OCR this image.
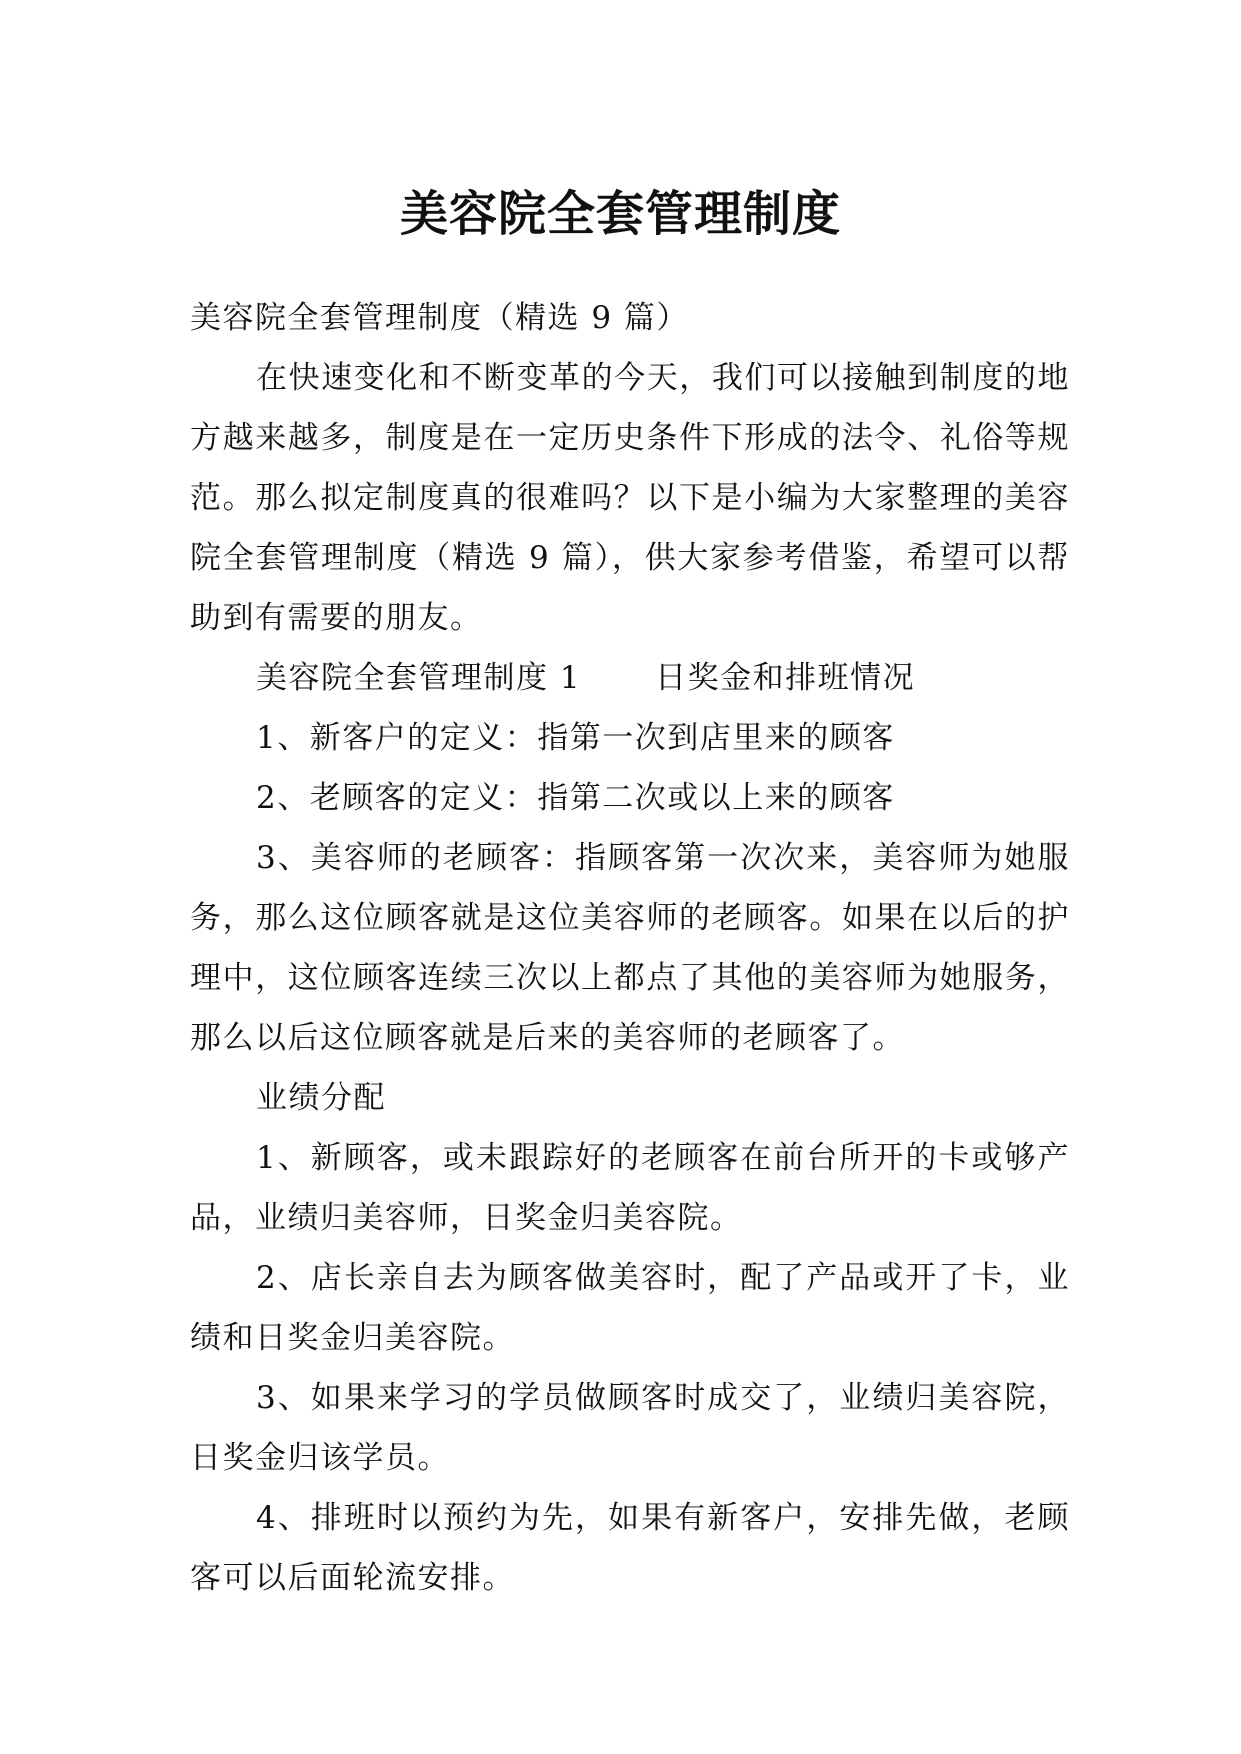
美容院全套管理制度

美容院全套管理制度（精选 9 篇）

在快速变化和不断变革的今天，我们可以接触到制度的地方越来越多，制度是在一定历史条件下形成的法令、礼俗等规范。那么拟定制度真的很难吗？以下是小编为大家整理的美容院全套管理制度（精选 9 篇），供大家参考借鉴，希望可以帮助到有需要的朋友。

美容院全套管理制度 1 日奖金和排班情况

1、新客户的定义：指第一次到店里来的顾客

2、老顾客的定义：指第二次或以上来的顾客

3、美容师的老顾客：指顾客第一次次来，美容师为她服务，那么这位顾客就是这位美容师的老顾客。如果在以后的护理中，这位顾客连续三次以上都点了其他的美容师为她服务，那么以后这位顾客就是后来的美容师的老顾客了。

业绩分配

1、新顾客，或未跟踪好的老顾客在前台所开的卡或够产品，业绩归美容师，日奖金归美容院。

2、店长亲自去为顾客做美容时，配了产品或开了卡，业绩和日奖金归美容院。

3、如果来学习的学员做顾客时成交了，业绩归美容院，日奖金归该学员。

4、排班时以预约为先，如果有新客户，安排先做，老顾客可以后面轮流安排。
